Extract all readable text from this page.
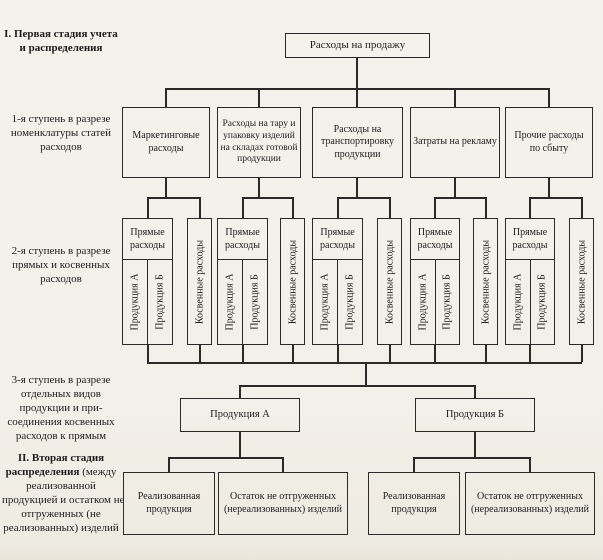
I. Первая стадия учета
и распределения
1-я ступень в разрезе
номенклатуры статей
расходов
2-я ступень в разрезе
прямых и косвенных
расходов
3-я ступень в разрезе
отдельных видов
продукции и при-
соединения косвенных
расходов к прямым
II. Вторая стадия
распределения (между
реализованной
продукцией и остатком не
отгруженных (не
реализованных) изделий
Расходы на продажу
Маркетинговые расходы
Расходы на тару и упаковку изделий на складах готовой продукции
Расходы на транспортировку продукции
Затраты на рекламу
Прочие расходы по сбыту
Прямые расходы
Продукция А Продукция Б	Косвенные расходы
Прямые расходы
Продукция А Продукция Б	Косвенные расходы
Прямые расходы
Продукция А Продукция Б	Косвенные расходы
Прямые расходы
Продукция А Продукция Б	Косвенные расходы
Прямые расходы
Продукция А Продукция Б	Косвенные расходы
Продукция А	Продукция Б
Реализованная продукция
Остаток не отгруженных (нереализованных) изделий
Реализованная продукция
Остаток не отгруженных (нереализованных) изделий
